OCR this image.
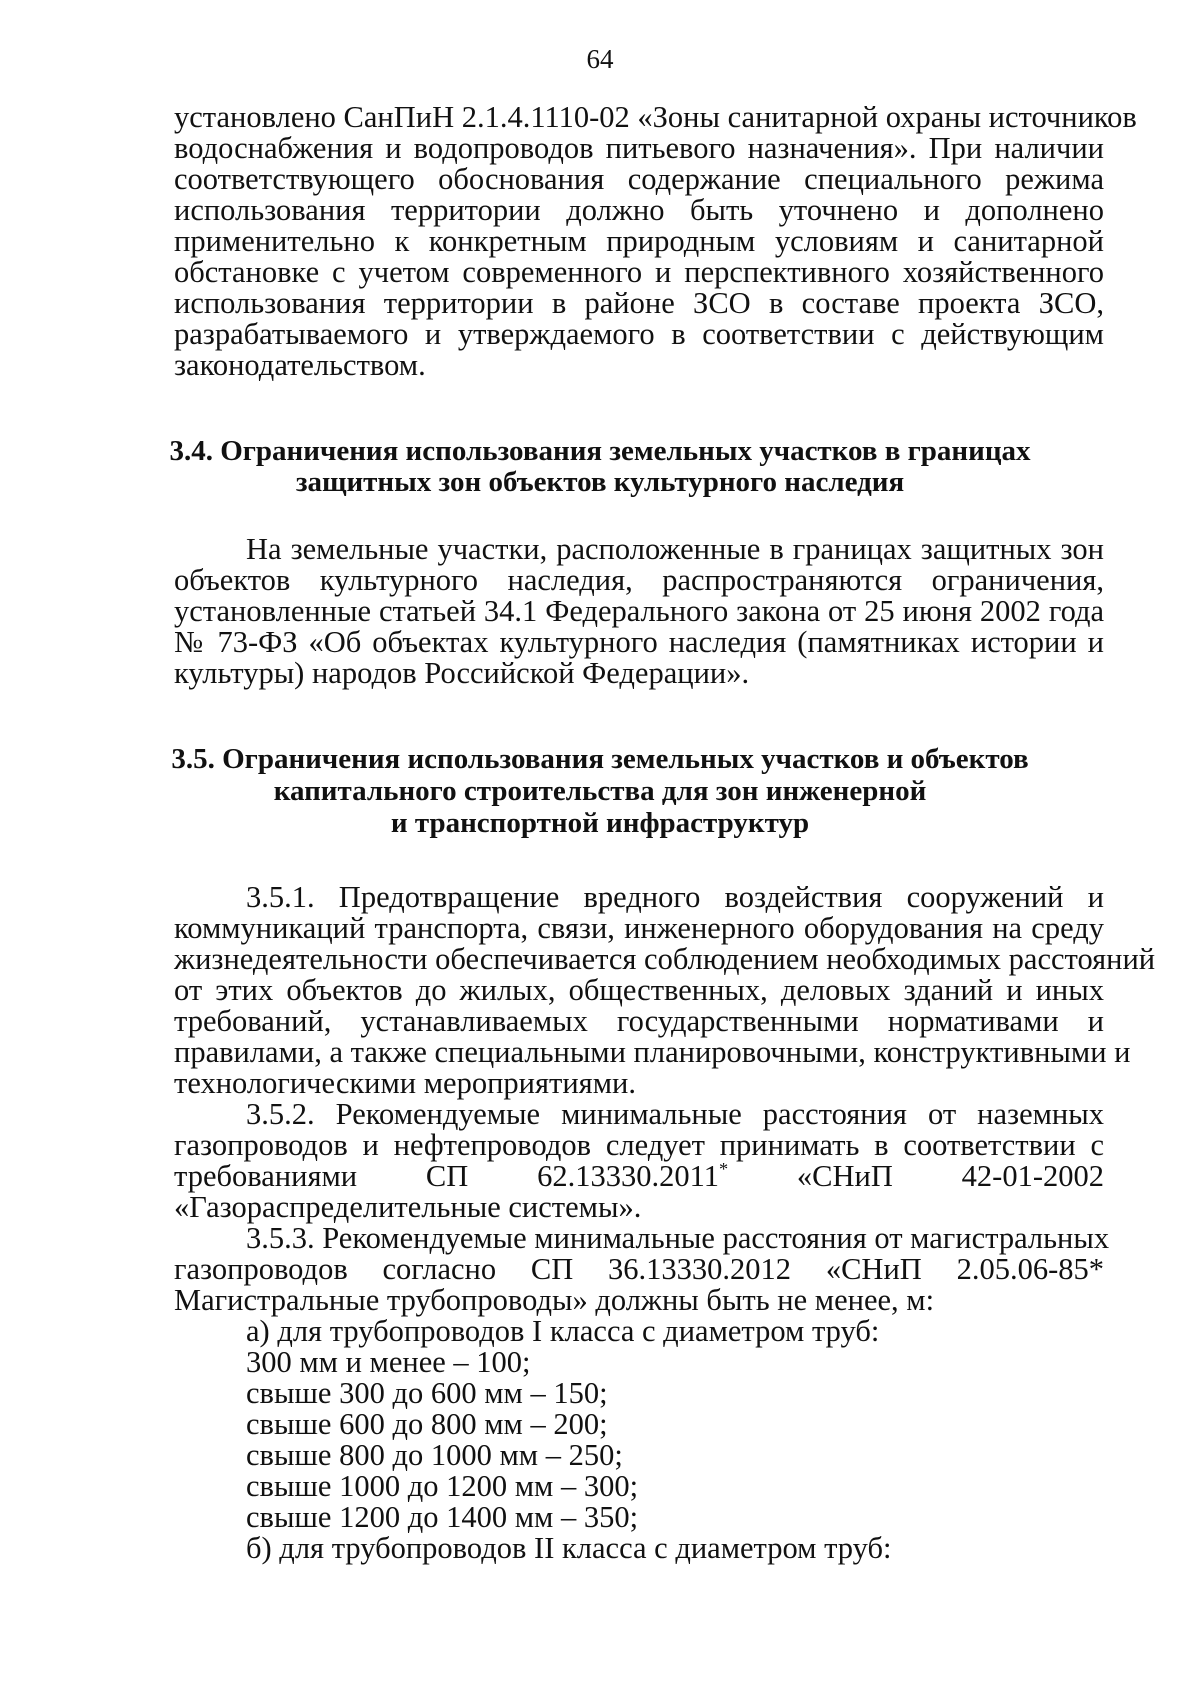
64
установлено СанПиН 2.1.4.1110-02 «Зоны санитарной охраны источников
водоснабжения и водопроводов питьевого назначения». При наличии
соответствующего обоснования содержание специального режима
использования территории должно быть уточнено и дополнено
применительно к конкретным природным условиям и санитарной
обстановке с учетом современного и перспективного хозяйственного
использования территории в районе ЗСО в составе проекта ЗСО,
разрабатываемого и утверждаемого в соответствии с действующим
законодательством.
3.4. Ограничения использования земельных участков в границах
защитных зон объектов культурного наследия
На земельные участки, расположенные в границах защитных зон
объектов культурного наследия, распространяются ограничения,
установленные статьей 34.1 Федерального закона от 25 июня 2002 года
№ 73-ФЗ «Об объектах культурного наследия (памятниках истории и
культуры) народов Российской Федерации».
3.5. Ограничения использования земельных участков и объектов
капитального строительства для зон инженерной
и транспортной инфраструктур
3.5.1. Предотвращение вредного воздействия сооружений и
коммуникаций транспорта, связи, инженерного оборудования на среду
жизнедеятельности обеспечивается соблюдением необходимых расстояний
от этих объектов до жилых, общественных, деловых зданий и иных
требований, устанавливаемых государственными нормативами и
правилами, а также специальными планировочными, конструктивными и
технологическими мероприятиями.
3.5.2. Рекомендуемые минимальные расстояния от наземных
газопроводов и нефтепроводов следует принимать в соответствии с
требованиями СП 62.13330.2011* «СНиП 42-01-2002
«Газораспределительные системы».
3.5.3. Рекомендуемые минимальные расстояния от магистральных
газопроводов согласно СП 36.13330.2012 «СНиП 2.05.06-85*
Магистральные трубопроводы» должны быть не менее, м:
а) для трубопроводов I класса с диаметром труб:
300 мм и менее – 100;
свыше 300 до 600 мм – 150;
свыше 600 до 800 мм – 200;
свыше 800 до 1000 мм – 250;
свыше 1000 до 1200 мм – 300;
свыше 1200 до 1400 мм – 350;
б) для трубопроводов II класса с диаметром труб:
